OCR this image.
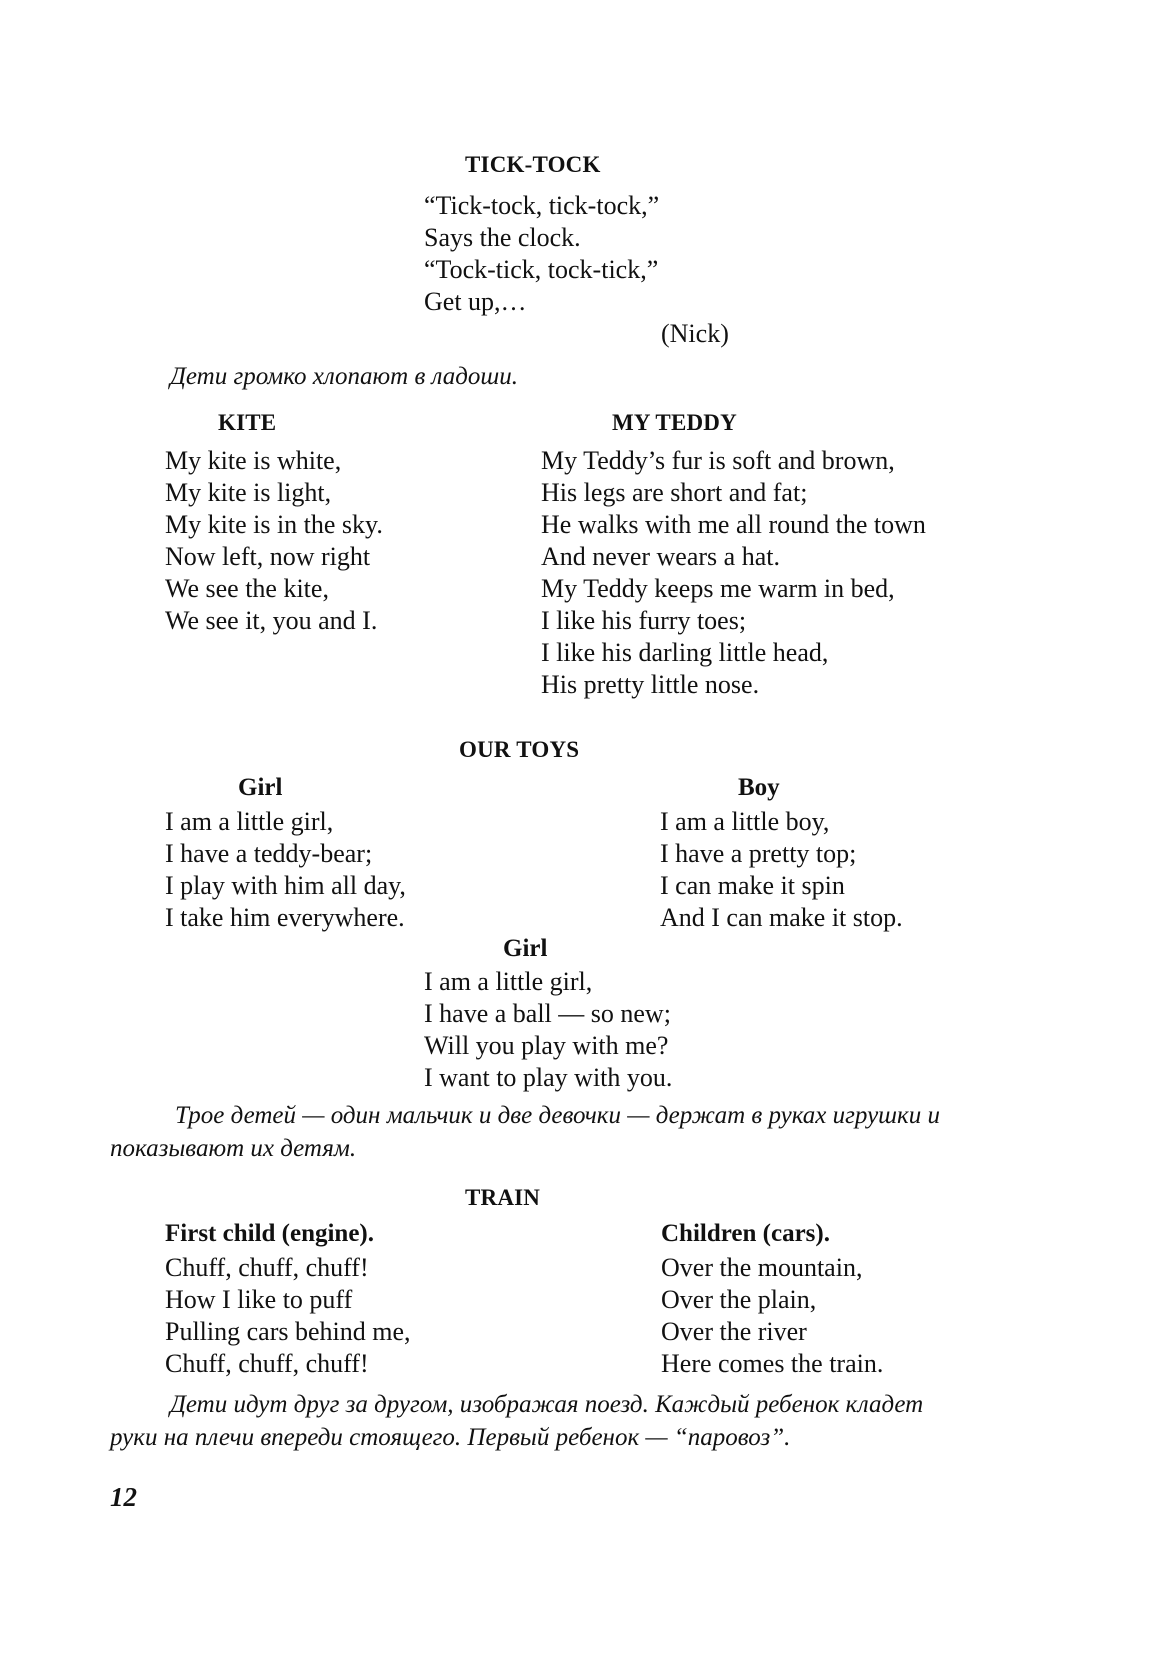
TICK-TOCK
“Tick-tock, tick-tock,”
Says the clock.
“Tock-tick, tock-tick,”
Get up,…
(Nick)
Дети громко хлопают в ладоши.
KITE
My kite is white,
My kite is light,
My kite is in the sky.
Now left, now right
We see the kite,
We see it, you and I.
MY TEDDY
My Teddy’s fur is soft and brown,
His legs are short and fat;
He walks with me all round the town
And never wears a hat.
My Teddy keeps me warm in bed,
I like his furry toes;
I like his darling little head,
His pretty little nose.
OUR TOYS
Girl
I am a little girl,
I have a teddy-bear;
I play with him all day,
I take him everywhere.
Boy
I am a little boy,
I have a pretty top;
I can make it spin
And I can make it stop.
Girl
I am a little girl,
I have a ball — so new;
Will you play with me?
I want to play with you.
Трое детей — один мальчик и две девочки — держат в руках игрушки и
показывают их детям.
TRAIN
First child (engine).
Chuff, chuff, chuff!
How I like to puff
Pulling cars behind me,
Chuff, chuff, chuff!
Children (cars).
Over the mountain,
Over the plain,
Over the river
Here comes the train.
Дети идут друг за другом, изображая поезд. Каждый ребенок кладет
руки на плечи впереди стоящего. Первый ребенок — “паровоз”.
12
